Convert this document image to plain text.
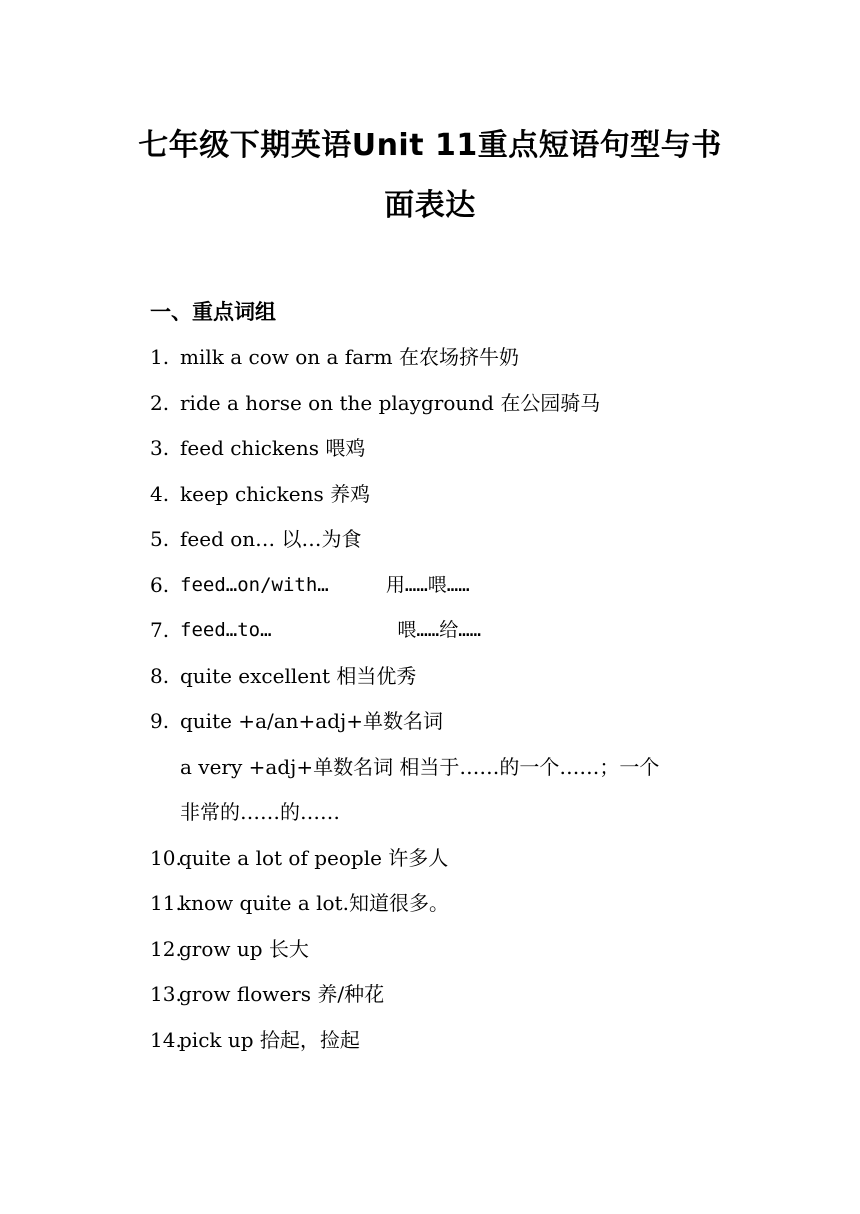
七年级下期英语Unit 11重点短语句型与书
面表达
一、重点词组
1. milk a cow on a farm 在农场挤牛奶
2. ride a horse on the playground 在公园骑马
3. feed chickens 喂鸡
4. keep chickens 养鸡
5. feed on… 以…为食
6. feed…on/with…     用……喂……
7. feed…to…           喂……给……
8. quite excellent 相当优秀
9. quite +a/an+adj+单数名词
a very +adj+单数名词 相当于……的一个……；一个
非常的……的……
10.
quite a lot of people 许多人
11.
know quite a lot.知道很多。
12.
grow up 长大
13.
grow flowers 养/种花
14.
pick up 拾起，捡起
